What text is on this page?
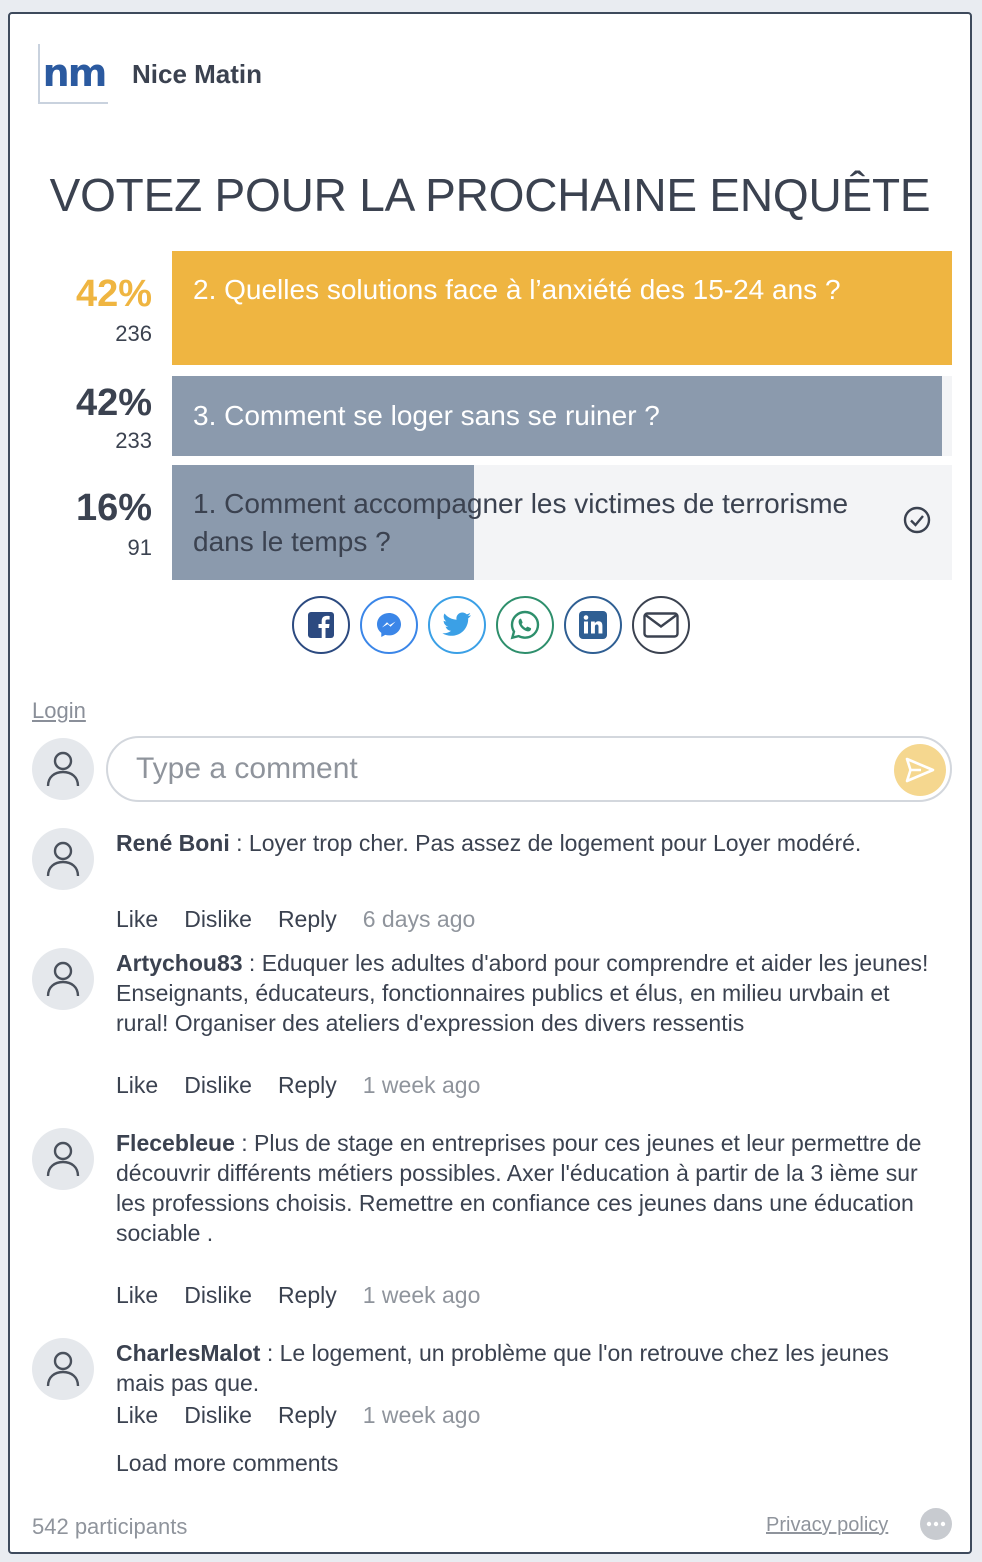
nm Nice Matin
VOTEZ POUR LA PROCHAINE ENQUÊTE
42%
236
2. Quelles solutions face à l’anxiété des 15-24 ans ?
42%
233
3. Comment se loger sans se ruiner ?
16%
91
1. Comment accompagner les victimes de terrorisme dans le temps ?
Login
Type a comment
René Boni : Loyer trop cher. Pas assez de logement pour Loyer modéré.
Like Dislike Reply 6 days ago
Artychou83 : Eduquer les adultes d'abord pour comprendre et aider les jeunes! Enseignants, éducateurs, fonctionnaires publics et élus, en milieu urvbain et rural! Organiser des ateliers d'expression des divers ressentis
Like Dislike Reply 1 week ago
Flecebleue : Plus de stage en entreprises pour ces jeunes et leur permettre de découvrir différents métiers possibles. Axer l'éducation à partir de la 3 ième sur les professions choisis. Remettre en confiance ces jeunes dans une éducation sociable .
Like Dislike Reply 1 week ago
CharlesMalot : Le logement, un problème que l'on retrouve chez les jeunes mais pas que.
Like Dislike Reply 1 week ago
Load more comments
542 participants	Privacy policy
